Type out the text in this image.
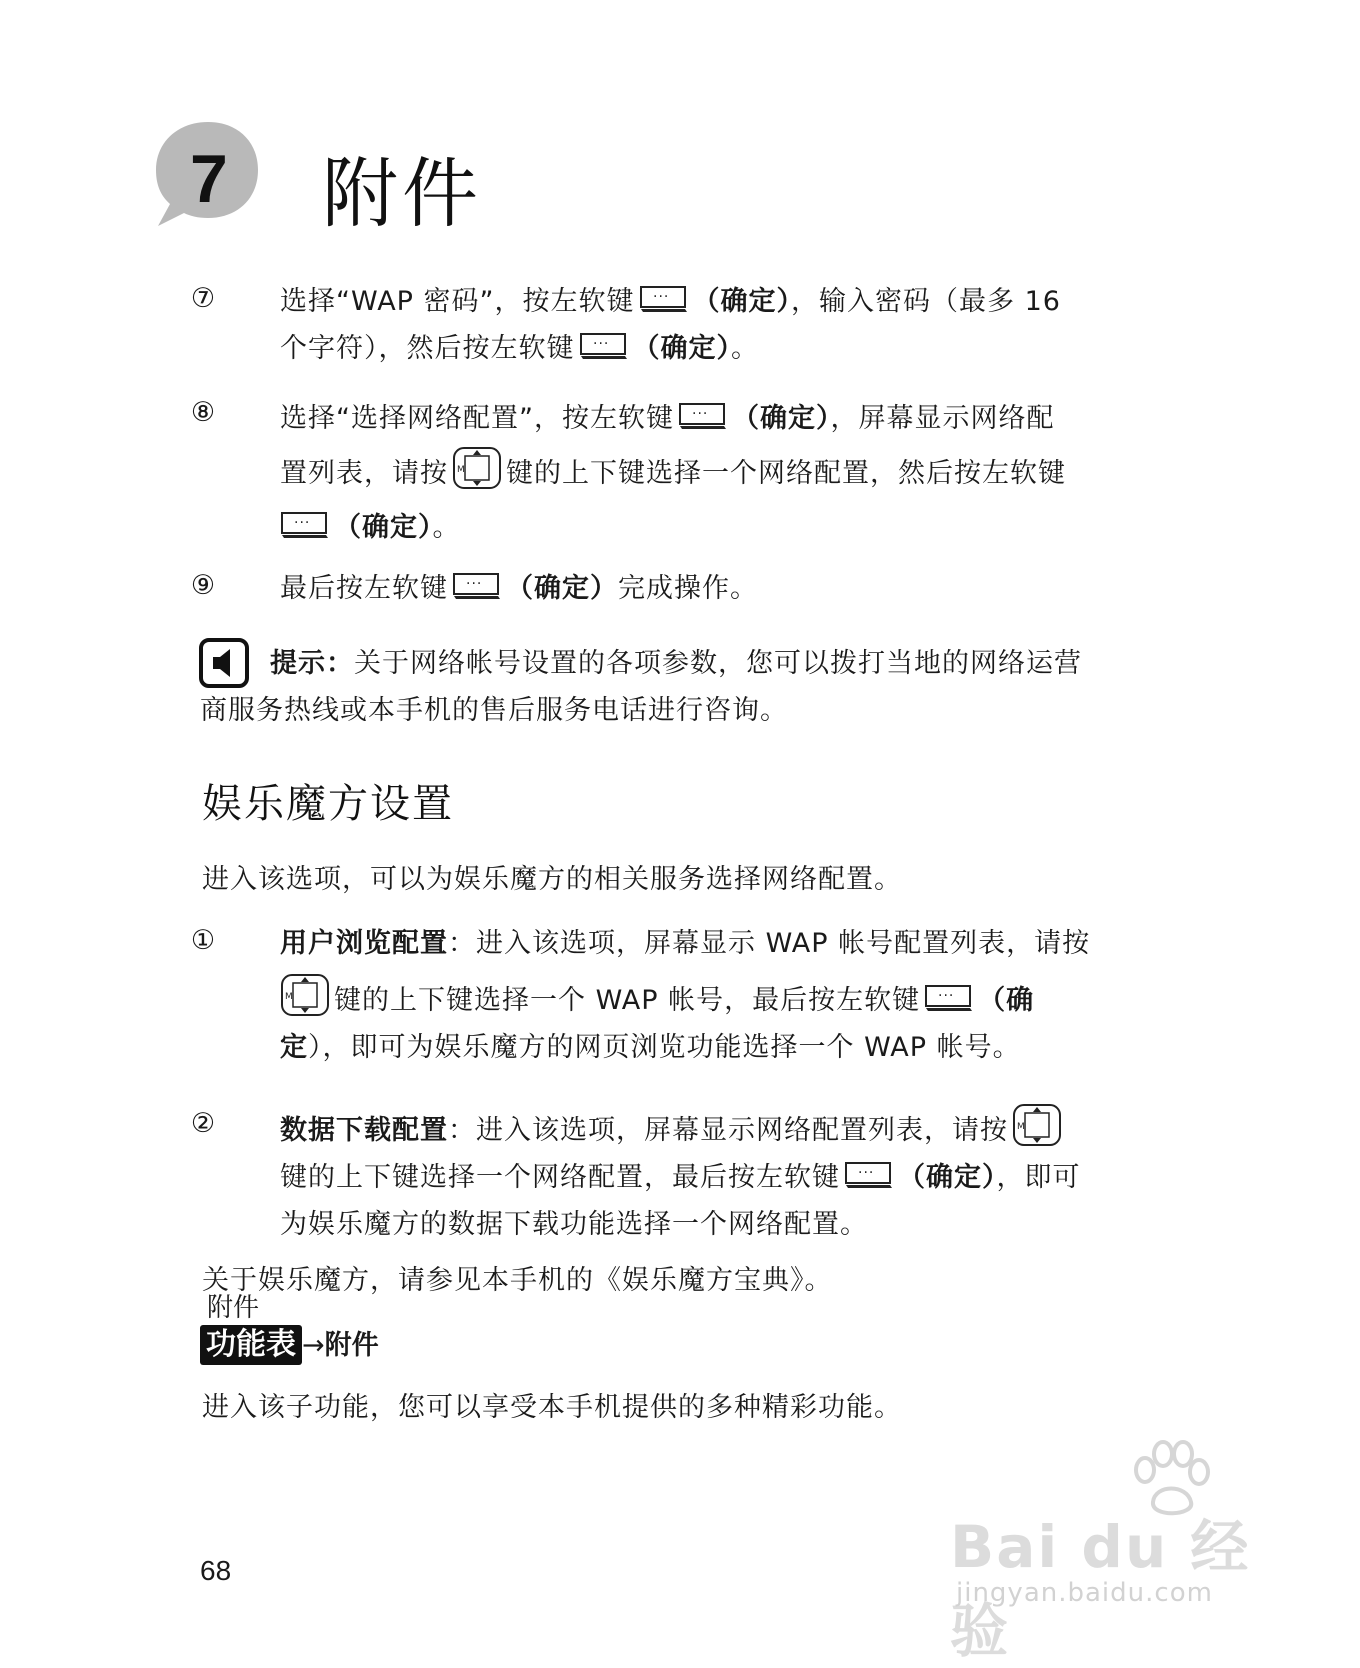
7 附件
⑦ 选择“WAP 密码”，按左软键 ··· （确定），输入密码（最多 16
个字符），然后按左软键 ··· （确定）。
⑧ 选择“选择网络配置”，按左软键 ··· （确定），屏幕显示网络配
置列表，请按 M 键的上下键选择一个网络配置，然后按左软键
··· （确定）。
⑨ 最后按左软键 ··· （确定）完成操作。
提示：关于网络帐号设置的各项参数，您可以拨打当地的网络运营
商服务热线或本手机的售后服务电话进行咨询。
娱乐魔方设置
进入该选项，可以为娱乐魔方的相关服务选择网络配置。
① 用户浏览配置：进入该选项，屏幕显示 WAP 帐号配置列表，请按
M 键的上下键选择一个 WAP 帐号，最后按左软键 ··· （确
定），即可为娱乐魔方的网页浏览功能选择一个 WAP 帐号。
② 数据下载配置：进入该选项，屏幕显示网络配置列表，请按 M
键的上下键选择一个网络配置，最后按左软键 ··· （确定），即可
为娱乐魔方的数据下载功能选择一个网络配置。
关于娱乐魔方，请参见本手机的《娱乐魔方宝典》。
附件
功能表 →附件
进入该子功能，您可以享受本手机提供的多种精彩功能。
68	Bai du 经验
jingyan.baidu.com
